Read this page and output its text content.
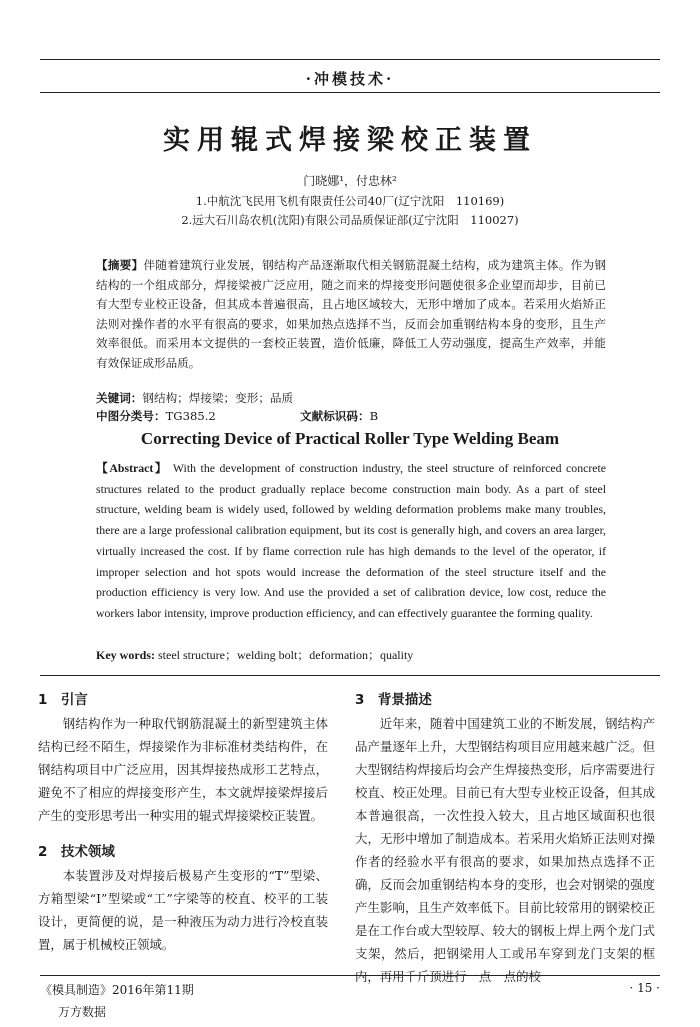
·冲模技术·
实用辊式焊接梁校正装置
门晓娜¹，付忠林²
1.中航沈飞民用飞机有限责任公司40厂(辽宁沈阳　110169)
2.远大石川岛农机(沈阳)有限公司品质保证部(辽宁沈阳　110027)
【摘要】伴随着建筑行业发展，钢结构产品逐渐取代相关钢筋混凝土结构，成为建筑主体。作为钢结构的一个组成部分，焊接梁被广泛应用，随之而来的焊接变形问题使很多企业望而却步，目前已有大型专业校正设备，但其成本普遍很高，且占地区域较大，无形中增加了成本。若采用火焰矫正法则对操作者的水平有很高的要求，如果加热点选择不当，反而会加重钢结构本身的变形，且生产效率很低。而采用本文提供的一套校正装置，造价低廉，降低工人劳动强度，提高生产效率，并能有效保证成形品质。
关键词：钢结构；焊接梁；变形；品质
中图分类号：TG385.2	文献标识码：B
Correcting Device of Practical Roller Type Welding Beam
【Abstract】 With the development of construction industry, the steel structure of reinforced concrete structures related to the product gradually replace become construction main body. As a part of steel structure, welding beam is widely used, followed by welding deformation problems make many troubles, there are a large professional calibration equipment, but its cost is generally high, and covers an area larger, virtually increased the cost. If by flame correction rule has high demands to the level of the operator, if improper selection and hot spots would increase the deformation of the steel structure itself and the production efficiency is very low. And use the provided a set of calibration device, low cost, reduce the workers labor intensity, improve production efficiency, and can effectively guarantee the forming quality.
Key words: steel structure；welding bolt；deformation；quality
1　引言

钢结构作为一种取代钢筋混凝土的新型建筑主体结构已经不陌生，焊接梁作为非标准材类结构件，在钢结构项目中广泛应用，因其焊接热成形工艺特点，避免不了相应的焊接变形产生，本文就焊接梁焊接后产生的变形思考出一种实用的辊式焊接梁校正装置。

2　技术领域

本装置涉及对焊接后极易产生变形的“T”型梁、方箱型梁“I”型梁或“工”字梁等的校直、校平的工装设计，更简便的说，是一种液压为动力进行冷校直装置，属于机械校正领域。

3　背景描述

近年来，随着中国建筑工业的不断发展，钢结构产品产量逐年上升，大型钢结构项目应用越来越广泛。但大型钢结构焊接后均会产生焊接热变形，后序需要进行校直、校正处理。目前已有大型专业校正设备，但其成本普遍很高，一次性投入较大，且占地区域面积也很大，无形中增加了制造成本。若采用火焰矫正法则对操作者的经验水平有很高的要求，如果加热点选择不正确，反而会加重钢结构本身的变形，也会对钢梁的强度产生影响，且生产效率低下。目前比较常用的钢梁校正是在工作台或大型较厚、较大的钢板上焊上两个龙门式支架，然后，把钢梁用人工或吊车穿到龙门支架的框内，再用千斤顶进行一点一点的校

《模具制造》2016年第11期	· 15 ·
万方数据
